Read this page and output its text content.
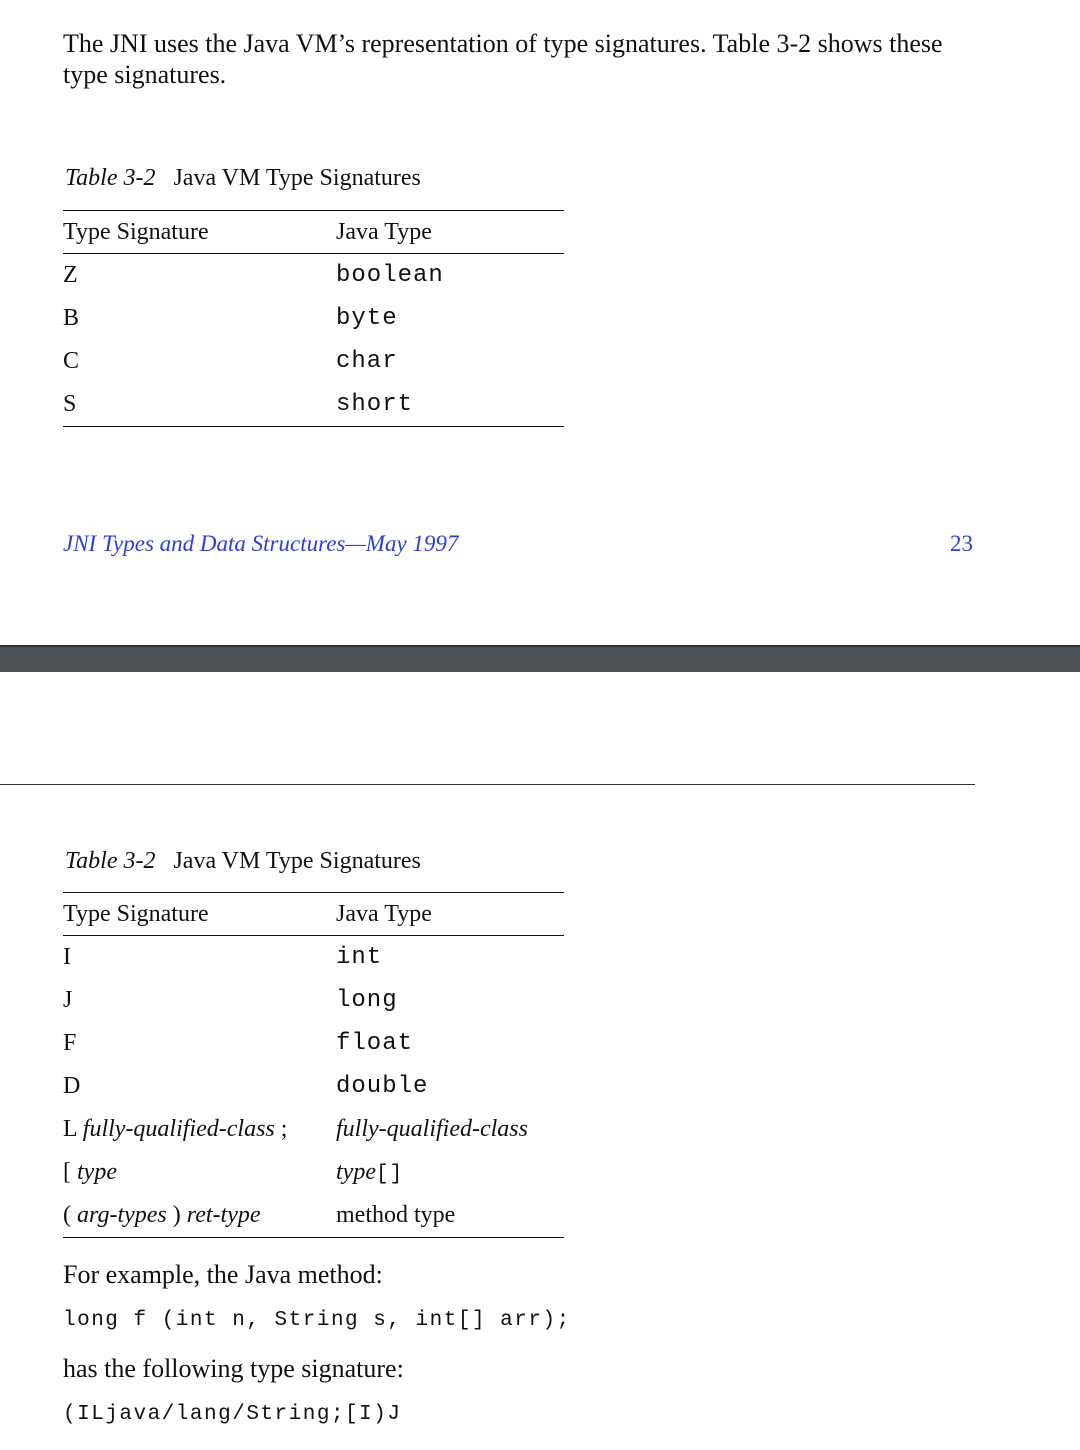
The JNI uses the Java VM’s representation of type signatures. Table 3-2 shows these type signatures.

Table 3-2 Java VM Type Signatures

Type Signature	Java Type
Z	boolean
B	byte
C	char
S	short

JNI Types and Data Structures—May 1997	23

Table 3-2 Java VM Type Signatures

Type Signature	Java Type
I	int
J	long
F	float
D	double
L fully-qualified-class ;	fully-qualified-class
[ type	type[]
( arg-types ) ret-type	method type

For example, the Java method:

long f (int n, String s, int[] arr);

has the following type signature:

(ILjava/lang/String;[I)J
